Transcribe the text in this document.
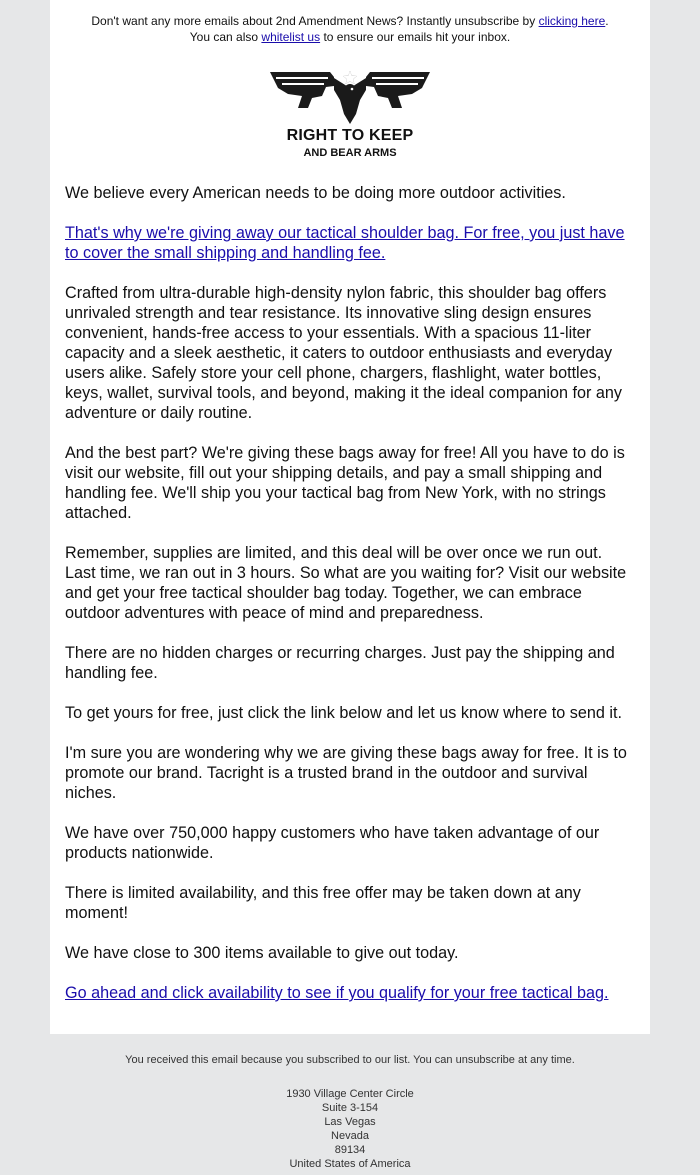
Don't want any more emails about 2nd Amendment News? Instantly unsubscribe by clicking here.
You can also whitelist us to ensure our emails hit your inbox.
RIGHT TO KEEP
AND BEAR ARMS

We believe every American needs to be doing more outdoor activities.

That's why we're giving away our tactical shoulder bag. For free, you just have to cover the small shipping and handling fee.

Crafted from ultra-durable high-density nylon fabric, this shoulder bag offers unrivaled strength and tear resistance. Its innovative sling design ensures convenient, hands-free access to your essentials. With a spacious 11-liter capacity and a sleek aesthetic, it caters to outdoor enthusiasts and everyday users alike. Safely store your cell phone, chargers, flashlight, water bottles, keys, wallet, survival tools, and beyond, making it the ideal companion for any adventure or daily routine.

And the best part? We're giving these bags away for free! All you have to do is visit our website, fill out your shipping details, and pay a small shipping and handling fee. We'll ship you your tactical bag from New York, with no strings attached.

Remember, supplies are limited, and this deal will be over once we run out. Last time, we ran out in 3 hours. So what are you waiting for? Visit our website and get your free tactical shoulder bag today. Together, we can embrace outdoor adventures with peace of mind and preparedness.

There are no hidden charges or recurring charges. Just pay the shipping and handling fee.

To get yours for free, just click the link below and let us know where to send it.

I'm sure you are wondering why we are giving these bags away for free. It is to promote our brand. Tacright is a trusted brand in the outdoor and survival niches.

We have over 750,000 happy customers who have taken advantage of our products nationwide.

There is limited availability, and this free offer may be taken down at any moment!

We have close to 300 items available to give out today.

Go ahead and click availability to see if you qualify for your free tactical bag.

You received this email because you subscribed to our list. You can unsubscribe at any time.
1930 Village Center Circle
Suite 3-154
Las Vegas
Nevada
89134
United States of America
